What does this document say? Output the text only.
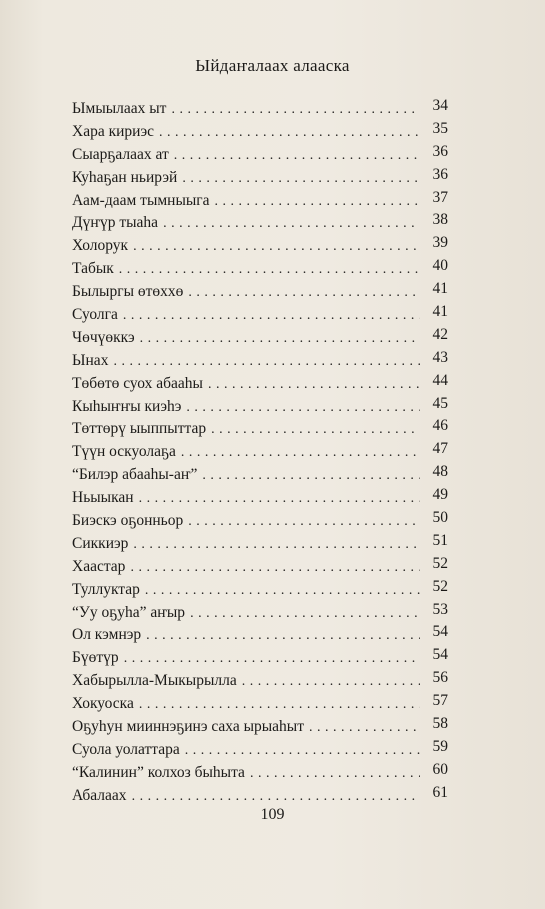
Ыйдаҥалаах алааска
Ымыылаах ыт . . .	34
Хара кириэс . . .	35
Сыарҕалаах ат . . .	36
Куһаҕан ньирэй . . .	36
Аам-даам тымныыга . . .	37
Дүҥүр тыаһа . . .	38
Холорук . . .	39
Табык . . .	40
Былыргы өтөххө . . .	41
Суолга . . .	41
Чөчүөккэ . . .	42
Ынах . . .	43
Төбөтө суох абааһы . . .	44
Кыһыҥҥы киэһэ . . .	45
Төттөрү ыыппыттар . . .	46
Түүн оскуолаҕа . . .	47
“Билэр абааһы-аҥ” . . .	48
Ньыыкан . . .	49
Биэскэ оҕонньор . . .	50
Сиккиэр . . .	51
Хаастар . . .	52
Туллуктар . . .	52
“Уу оҕуһа” аҥыр . . .	53
Ол кэмнэр . . .	54
Бүөтүр . . .	54
Хабырылла-Мыкырылла . . .	56
Хокуоска . . .	57
Оҕуһун мииннэҕинэ саха ырыаһыт . . .	58
Суола уолаттара . . .	59
“Калинин” колхоз быһыта . . .	60
Абалаах . . .	61
109
